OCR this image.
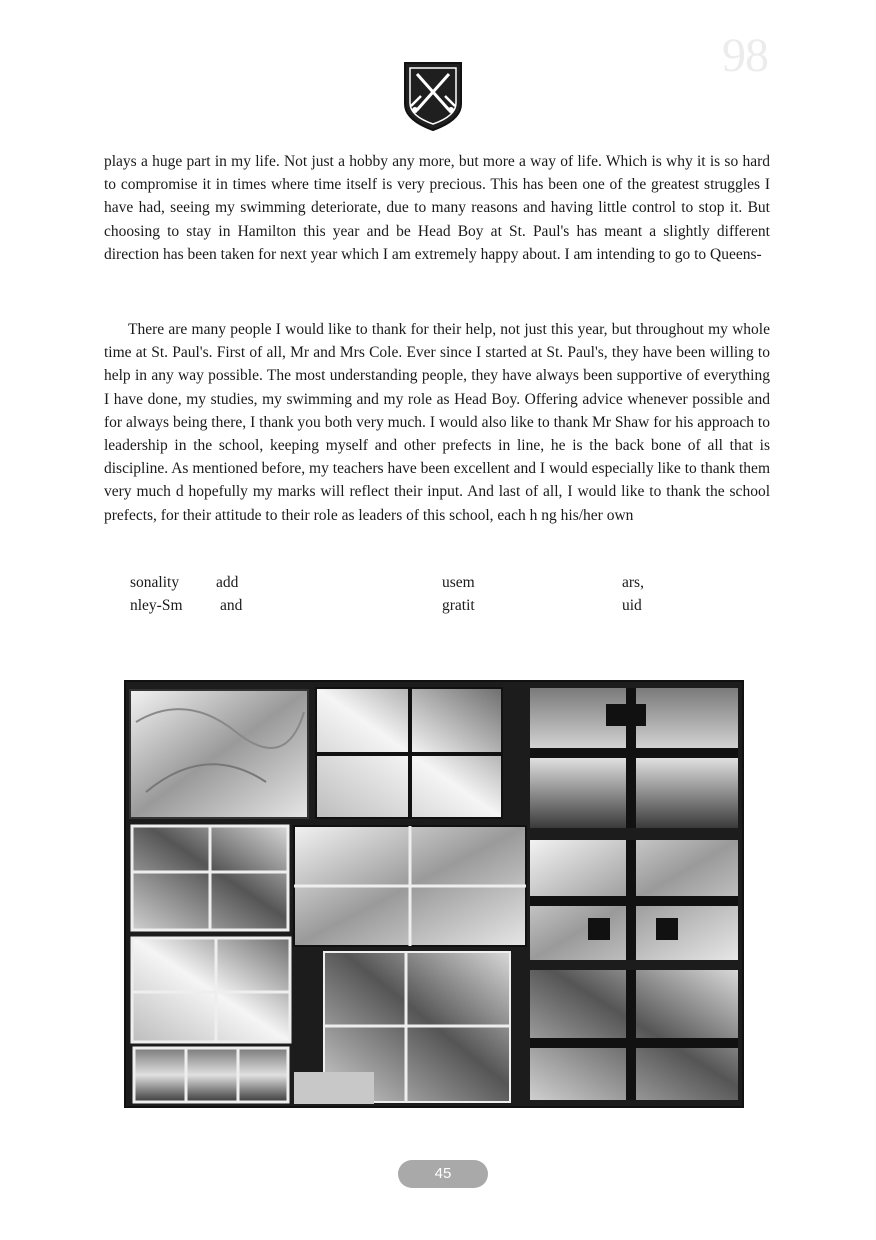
98

plays a huge part in my life. Not just a hobby any more, but more a way of life. Which is why it is so hard to compromise it in times where time itself is very precious. This has been one of the greatest struggles I have had, seeing my swimming deteriorate, due to many reasons and having little control to stop it. But choosing to stay in Hamilton this year and be Head Boy at St. Paul's has meant a slightly different direction has been taken for next year which I am extremely happy about. I am intending to go to Queens-

There are many people I would like to thank for their help, not just this year, but throughout my whole time at St. Paul's. First of all, Mr and Mrs Cole. Ever since I started at St. Paul's, they have been willing to help in any way possible. The most understanding people, they have always been supportive of everything I have done, my studies, my swimming and my role as Head Boy. Offering advice whenever possible and for always being there, I thank you both very much. I would also like to thank Mr Shaw for his approach to leadership in the school, keeping myself and other prefects in line, he is the back bone of all that is discipline. As mentioned before, my teachers have been excellent and I would especially like to thank them very much d hopefully my marks will reflect their input. And last of all, I would like to thank the school prefects, for their attitude to their role as leaders of this school, each h ng his/her own

sonality add	usem	ars,
nley-Sm and	gratit	uid
45
